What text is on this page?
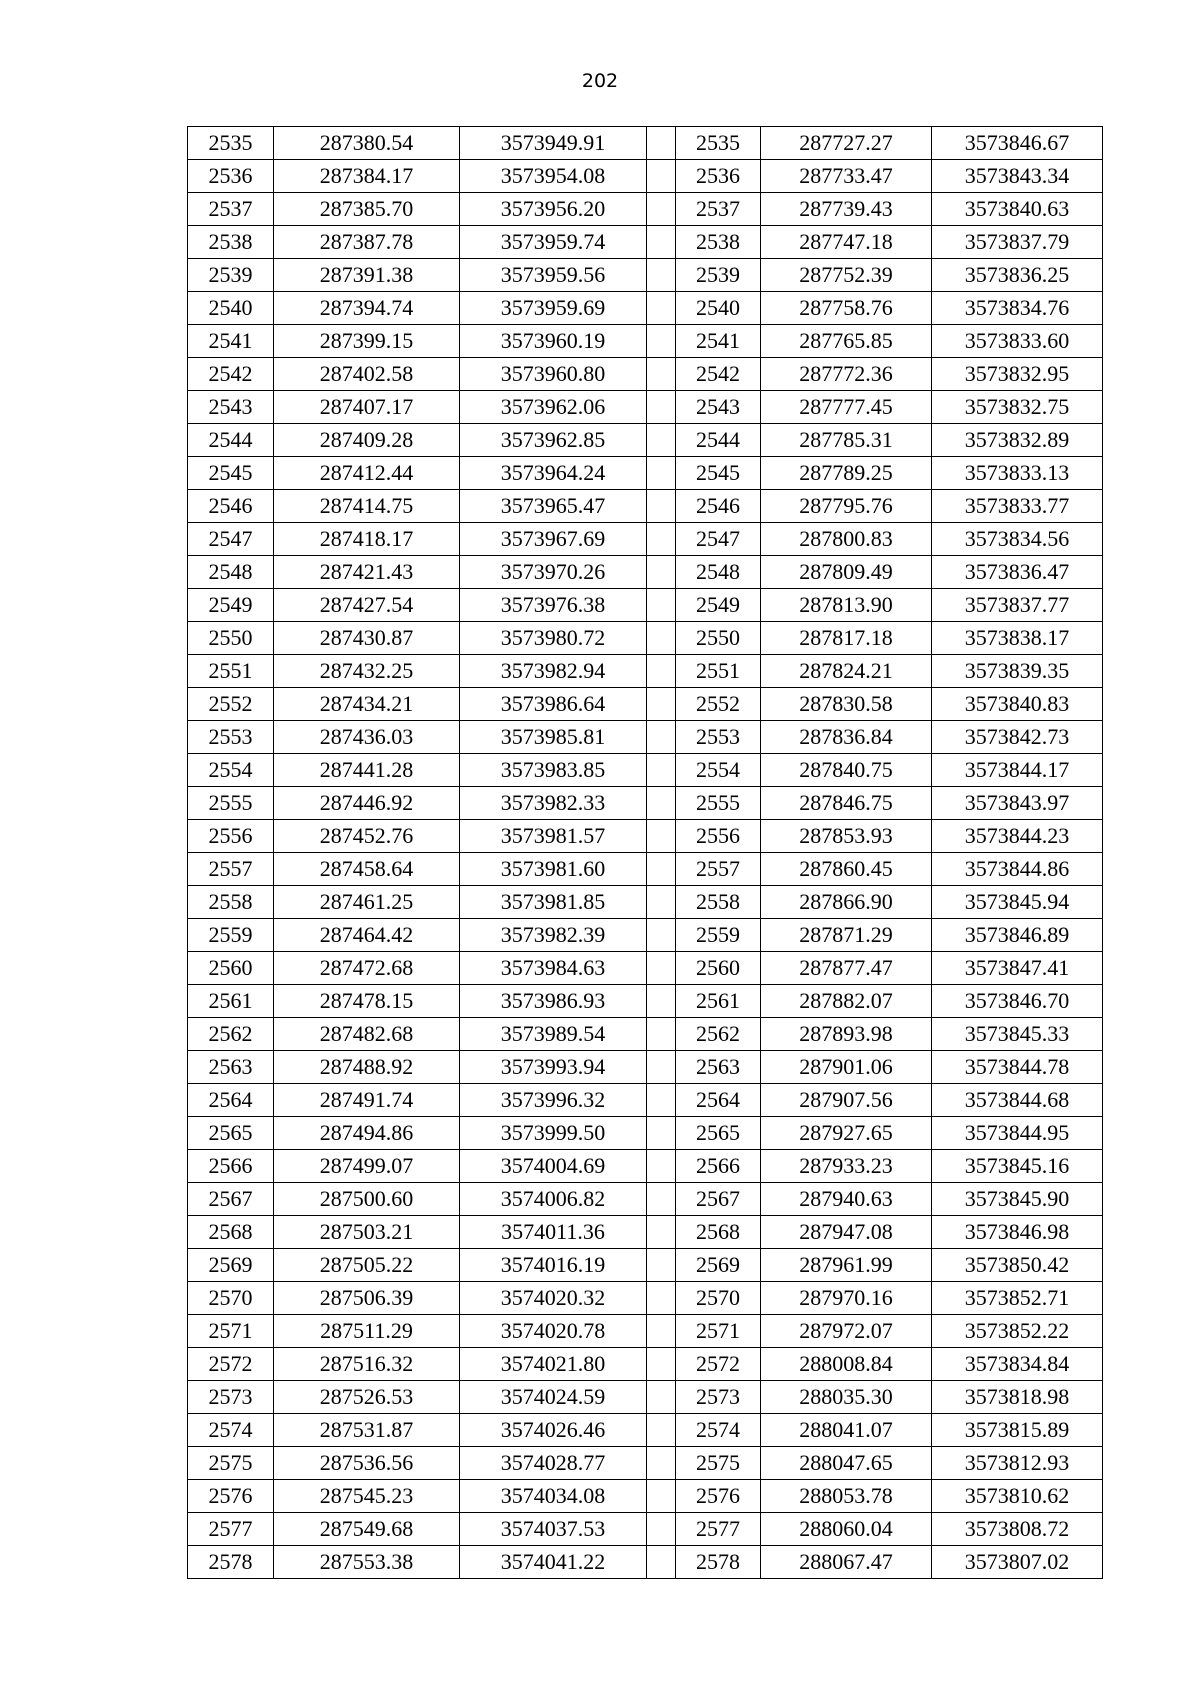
202
2535	287380.54	3573949.91		2535	287727.27	3573846.67
2536	287384.17	3573954.08		2536	287733.47	3573843.34
2537	287385.70	3573956.20		2537	287739.43	3573840.63
2538	287387.78	3573959.74		2538	287747.18	3573837.79
2539	287391.38	3573959.56		2539	287752.39	3573836.25
2540	287394.74	3573959.69		2540	287758.76	3573834.76
2541	287399.15	3573960.19		2541	287765.85	3573833.60
2542	287402.58	3573960.80		2542	287772.36	3573832.95
2543	287407.17	3573962.06		2543	287777.45	3573832.75
2544	287409.28	3573962.85		2544	287785.31	3573832.89
2545	287412.44	3573964.24		2545	287789.25	3573833.13
2546	287414.75	3573965.47		2546	287795.76	3573833.77
2547	287418.17	3573967.69		2547	287800.83	3573834.56
2548	287421.43	3573970.26		2548	287809.49	3573836.47
2549	287427.54	3573976.38		2549	287813.90	3573837.77
2550	287430.87	3573980.72		2550	287817.18	3573838.17
2551	287432.25	3573982.94		2551	287824.21	3573839.35
2552	287434.21	3573986.64		2552	287830.58	3573840.83
2553	287436.03	3573985.81		2553	287836.84	3573842.73
2554	287441.28	3573983.85		2554	287840.75	3573844.17
2555	287446.92	3573982.33		2555	287846.75	3573843.97
2556	287452.76	3573981.57		2556	287853.93	3573844.23
2557	287458.64	3573981.60		2557	287860.45	3573844.86
2558	287461.25	3573981.85		2558	287866.90	3573845.94
2559	287464.42	3573982.39		2559	287871.29	3573846.89
2560	287472.68	3573984.63		2560	287877.47	3573847.41
2561	287478.15	3573986.93		2561	287882.07	3573846.70
2562	287482.68	3573989.54		2562	287893.98	3573845.33
2563	287488.92	3573993.94		2563	287901.06	3573844.78
2564	287491.74	3573996.32		2564	287907.56	3573844.68
2565	287494.86	3573999.50		2565	287927.65	3573844.95
2566	287499.07	3574004.69		2566	287933.23	3573845.16
2567	287500.60	3574006.82		2567	287940.63	3573845.90
2568	287503.21	3574011.36		2568	287947.08	3573846.98
2569	287505.22	3574016.19		2569	287961.99	3573850.42
2570	287506.39	3574020.32		2570	287970.16	3573852.71
2571	287511.29	3574020.78		2571	287972.07	3573852.22
2572	287516.32	3574021.80		2572	288008.84	3573834.84
2573	287526.53	3574024.59		2573	288035.30	3573818.98
2574	287531.87	3574026.46		2574	288041.07	3573815.89
2575	287536.56	3574028.77		2575	288047.65	3573812.93
2576	287545.23	3574034.08		2576	288053.78	3573810.62
2577	287549.68	3574037.53		2577	288060.04	3573808.72
2578	287553.38	3574041.22		2578	288067.47	3573807.02
